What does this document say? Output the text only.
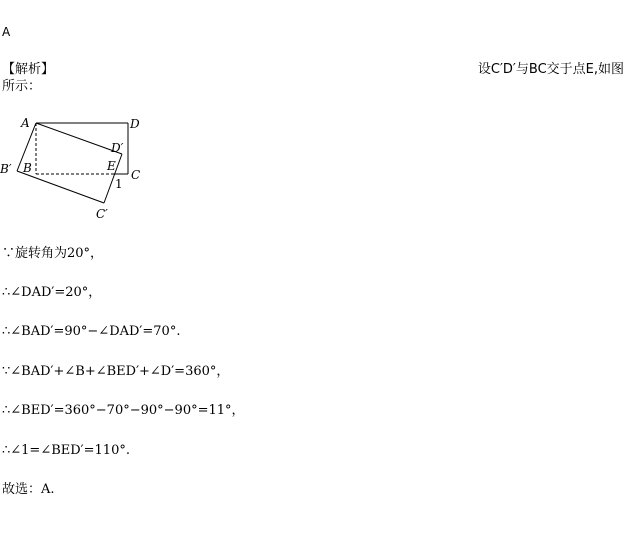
A
【解析】	设C′D′与BC交于点E,如图
所示：
A	D
D′
B′ B	E
C
1
C′
∵旋转角为20°，
∴∠DAD′=20°，
∴∠BAD′=90°−∠DAD′=70°.
∵∠BAD′+∠B+∠BED′+∠D′=360°，
∴∠BED′=360°−70°−90°−90°=11°，
∴∠1=∠BED′=110°.
故选：A.
